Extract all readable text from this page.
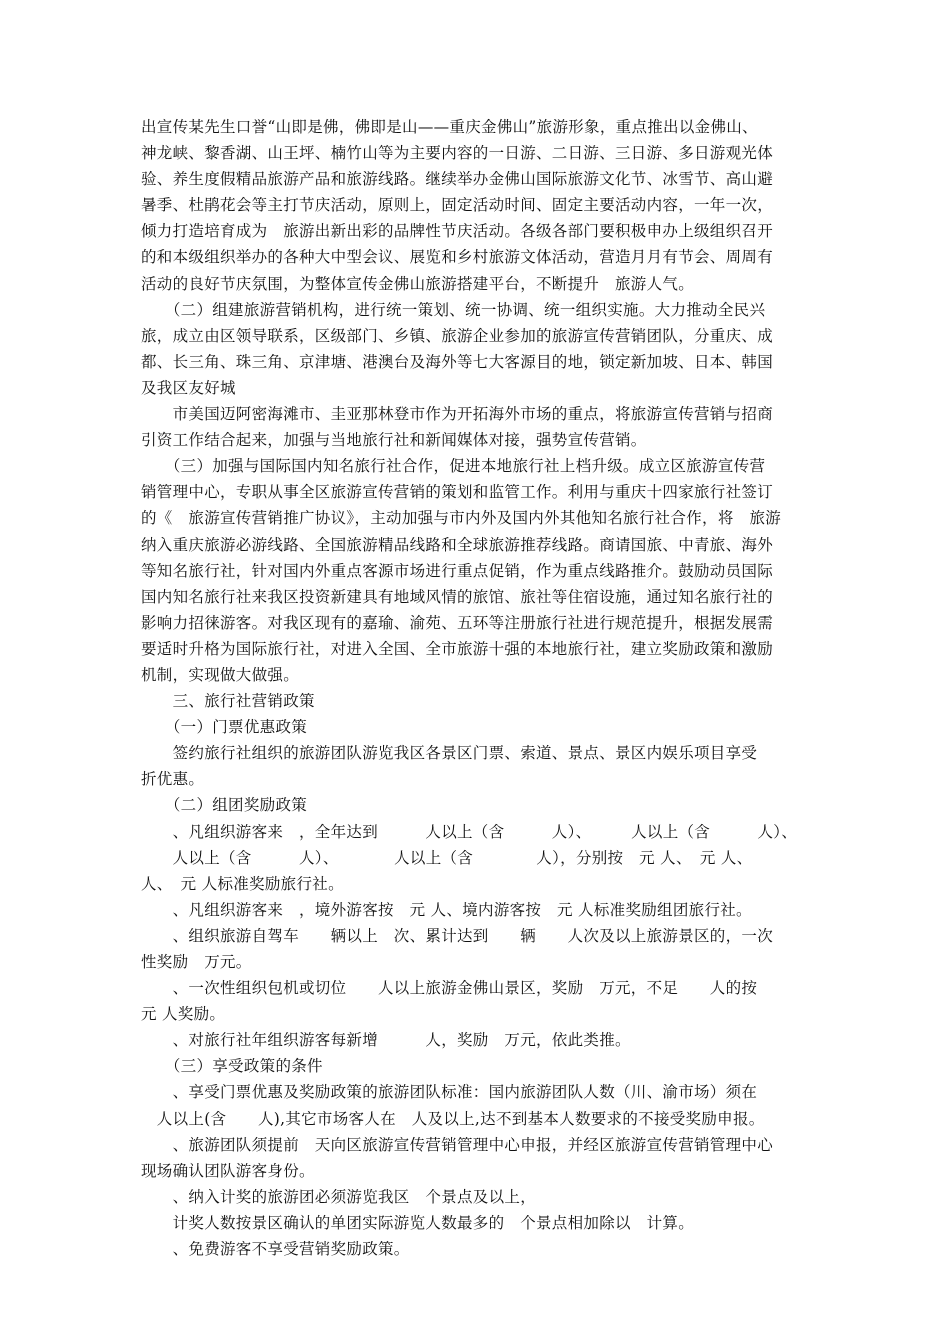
出宣传某先生口誉“山即是佛，佛即是山——重庆金佛山”旅游形象，重点推出以金佛山、
神龙峡、黎香湖、山王坪、楠竹山等为主要内容的一日游、二日游、三日游、多日游观光体
验、养生度假精品旅游产品和旅游线路。继续举办金佛山国际旅游文化节、冰雪节、高山避
暑季、杜鹃花会等主打节庆活动，原则上，固定活动时间、固定主要活动内容，一年一次，
倾力打造培育成为　旅游出新出彩的品牌性节庆活动。各级各部门要积极申办上级组织召开
的和本级组织举办的各种大中型会议、展览和乡村旅游文体活动，营造月月有节会、周周有
活动的良好节庆氛围，为整体宣传金佛山旅游搭建平台，不断提升　旅游人气。
　　（二）组建旅游营销机构，进行统一策划、统一协调、统一组织实施。大力推动全民兴
旅，成立由区领导联系，区级部门、乡镇、旅游企业参加的旅游宣传营销团队，分重庆、成
都、长三角、珠三角、京津塘、港澳台及海外等七大客源目的地，锁定新加坡、日本、韩国
及我区友好城
　　市美国迈阿密海滩市、圭亚那林登市作为开拓海外市场的重点，将旅游宣传营销与招商
引资工作结合起来，加强与当地旅行社和新闻媒体对接，强势宣传营销。
　　（三）加强与国际国内知名旅行社合作，促进本地旅行社上档升级。成立区旅游宣传营
销管理中心，专职从事全区旅游宣传营销的策划和监管工作。利用与重庆十四家旅行社签订
的《　旅游宣传营销推广协议》，主动加强与市内外及国内外其他知名旅行社合作，将　旅游
纳入重庆旅游必游线路、全国旅游精品线路和全球旅游推荐线路。商请国旅、中青旅、海外
等知名旅行社，针对国内外重点客源市场进行重点促销，作为重点线路推介。鼓励动员国际
国内知名旅行社来我区投资新建具有地域风情的旅馆、旅社等住宿设施，通过知名旅行社的
影响力招徕游客。对我区现有的嘉瑜、渝苑、五环等注册旅行社进行规范提升，根据发展需
要适时升格为国际旅行社，对进入全国、全市旅游十强的本地旅行社，建立奖励政策和激励
机制，实现做大做强。
　　三、旅行社营销政策
　　（一）门票优惠政策
　　签约旅行社组织的旅游团队游览我区各景区门票、索道、景点、景区内娱乐项目享受
折优惠。
　　（二）组团奖励政策
　　、凡组织游客来　，全年达到　　　人以上（含　　　人）、　　　人以上（含　　　人）、
　　人以上（含　　　人）、　　　　人以上（含　　　　人），分别按　元 人、　元 人、
人、　元 人标准奖励旅行社。
　　、凡组织游客来　，境外游客按　元 人、境内游客按　元 人标准奖励组团旅行社。
　　、组织旅游自驾车　　辆以上　次、累计达到　　辆　　人次及以上旅游景区的，一次
性奖励　万元。
　　、一次性组织包机或切位　　人以上旅游金佛山景区，奖励　万元，不足　　人的按
元 人奖励。
　　、对旅行社年组织游客每新增　　　人，奖励　万元，依此类推。
　　（三）享受政策的条件
　　、享受门票优惠及奖励政策的旅游团队标准：国内旅游团队人数（川、渝市场）须在
　人以上(含　　人),其它市场客人在　人及以上,达不到基本人数要求的不接受奖励申报。
　　、旅游团队须提前　天向区旅游宣传营销管理中心申报，并经区旅游宣传营销管理中心
现场确认团队游客身份。
　　、纳入计奖的旅游团必须游览我区　个景点及以上，
　　计奖人数按景区确认的单团实际游览人数最多的　个景点相加除以　计算。
　　、免费游客不享受营销奖励政策。
